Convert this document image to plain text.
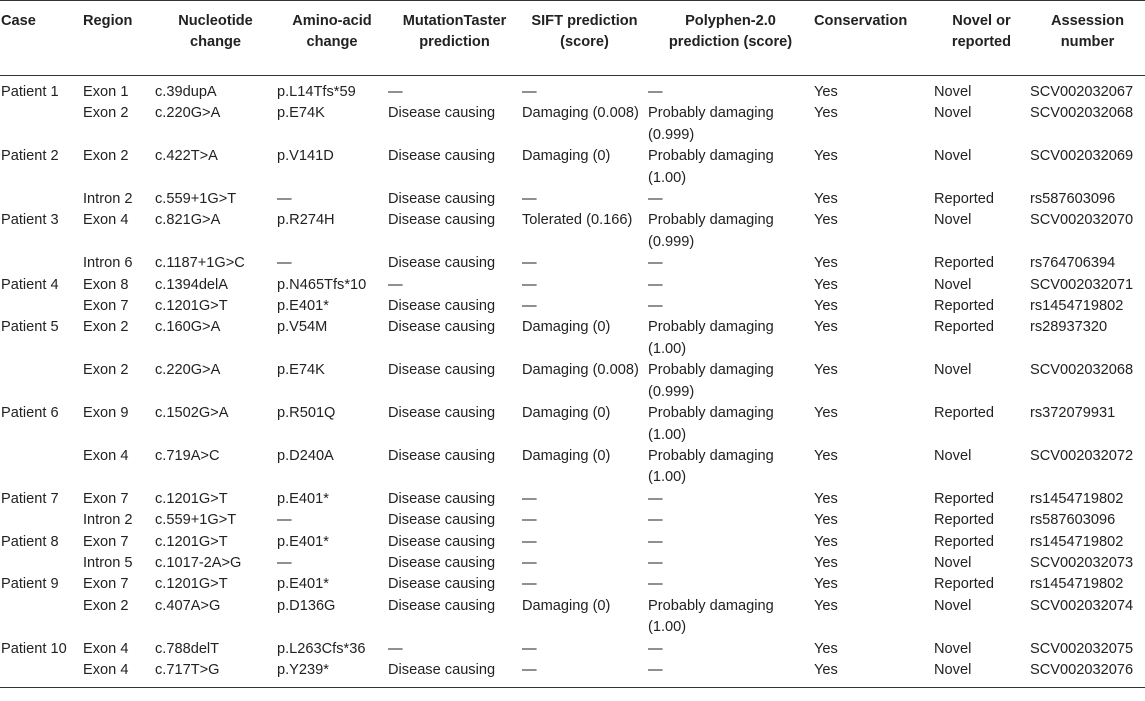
Case	Region	Nucleotide change	Amino-acid change	MutationTaster prediction	SIFT prediction (score)	Polyphen-2.0 prediction (score)	Conservation	Novel or reported	Assession number
Patient 1	Exon 1	c.39dupA	p.L14Tfs*59	—	—	—	Yes	Novel	SCV002032067
	Exon 2	c.220G>A	p.E74K	Disease causing	Damaging (0.008)	Probably damaging (0.999)	Yes	Novel	SCV002032068
Patient 2	Exon 2	c.422T>A	p.V141D	Disease causing	Damaging (0)	Probably damaging (1.00)	Yes	Novel	SCV002032069
	Intron 2	c.559+1G>T	—	Disease causing	—	—	Yes	Reported	rs587603096
Patient 3	Exon 4	c.821G>A	p.R274H	Disease causing	Tolerated (0.166)	Probably damaging (0.999)	Yes	Novel	SCV002032070
	Intron 6	c.1187+1G>C	—	Disease causing	—	—	Yes	Reported	rs764706394
Patient 4	Exon 8	c.1394delA	p.N465Tfs*10	—	—	—	Yes	Novel	SCV002032071
	Exon 7	c.1201G>T	p.E401*	Disease causing	—	—	Yes	Reported	rs1454719802
Patient 5	Exon 2	c.160G>A	p.V54M	Disease causing	Damaging (0)	Probably damaging (1.00)	Yes	Reported	rs28937320
	Exon 2	c.220G>A	p.E74K	Disease causing	Damaging (0.008)	Probably damaging (0.999)	Yes	Novel	SCV002032068
Patient 6	Exon 9	c.1502G>A	p.R501Q	Disease causing	Damaging (0)	Probably damaging (1.00)	Yes	Reported	rs372079931
	Exon 4	c.719A>C	p.D240A	Disease causing	Damaging (0)	Probably damaging (1.00)	Yes	Novel	SCV002032072
Patient 7	Exon 7	c.1201G>T	p.E401*	Disease causing	—	—	Yes	Reported	rs1454719802
	Intron 2	c.559+1G>T	—	Disease causing	—	—	Yes	Reported	rs587603096
Patient 8	Exon 7	c.1201G>T	p.E401*	Disease causing	—	—	Yes	Reported	rs1454719802
	Intron 5	c.1017-2A>G	—	Disease causing	—	—	Yes	Novel	SCV002032073
Patient 9	Exon 7	c.1201G>T	p.E401*	Disease causing	—	—	Yes	Reported	rs1454719802
	Exon 2	c.407A>G	p.D136G	Disease causing	Damaging (0)	Probably damaging (1.00)	Yes	Novel	SCV002032074
Patient 10	Exon 4	c.788delT	p.L263Cfs*36	—	—	—	Yes	Novel	SCV002032075
	Exon 4	c.717T>G	p.Y239*	Disease causing	—	—	Yes	Novel	SCV002032076
